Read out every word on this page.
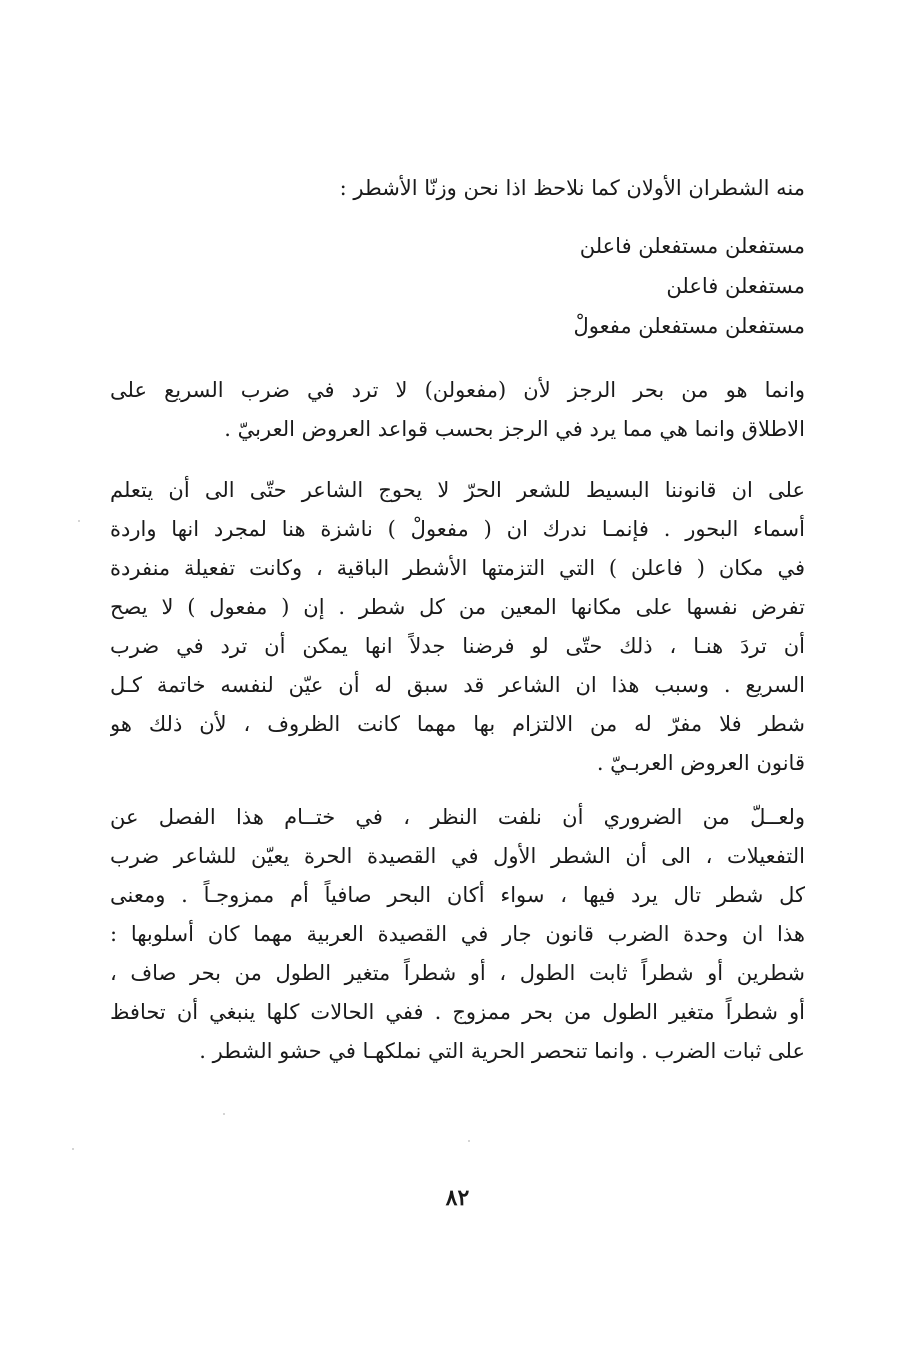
منه الشطران الأولان كما نلاحظ اذا نحن وزنّا الأشطر :
مستفعلن مستفعلن فاعلن
مستفعلن فاعلن
مستفعلن مستفعلن مفعولْ
وانما هو من بحر الرجز لأن (مفعولن) لا ترد في ضرب السريع على
الاطلاق وانما هي مما يرد في الرجز بحسب قواعد العروض العربيّ .
على ان قانوننا البسيط للشعر الحرّ لا يحوج الشاعر حتّى الى أن يتعلم
أسماء البحور . فإنمـا ندرك ان ( مفعولْ ) ناشزة هنا لمجرد انها واردة
في مكان ( فاعلن ) التي التزمتها الأشطر الباقية ، وكانت تفعيلة منفردة
تفرض نفسها على مكانها المعين من كل شطر . إن ( مفعول ) لا يصح
أن تردَ هنـا ، ذلك حتّى لو فرضنا جدلاً انها يمكن أن ترد في ضرب
السريع . وسبب هذا ان الشاعر قد سبق له أن عيّن لنفسه خاتمة كـل
شطر فلا مفرّ له من الالتزام بها مهما كانت الظروف ، لأن ذلك هو
قانون العروض العربـيّ .
ولعــلّ من الضروري أن نلفت النظر ، في ختــام هذا الفصل عن
التفعيلات ، الى أن الشطر الأول في القصيدة الحرة يعيّن للشاعر ضرب
كل شطر تال يرد فيها ، سواء أكان البحر صافياً أم ممزوجـاً . ومعنى
هذا ان وحدة الضرب قانون جار في القصيدة العربية مهما كان أسلوبها :
شطرين أو شطراً ثابت الطول ، أو شطراً متغير الطول من بحر صاف ،
أو شطراً متغير الطول من بحر ممزوج . ففي الحالات كلها ينبغي أن تحافظ
على ثبات الضرب . وانما تنحصر الحرية التي نملكهـا في حشو الشطر .
٨٢
